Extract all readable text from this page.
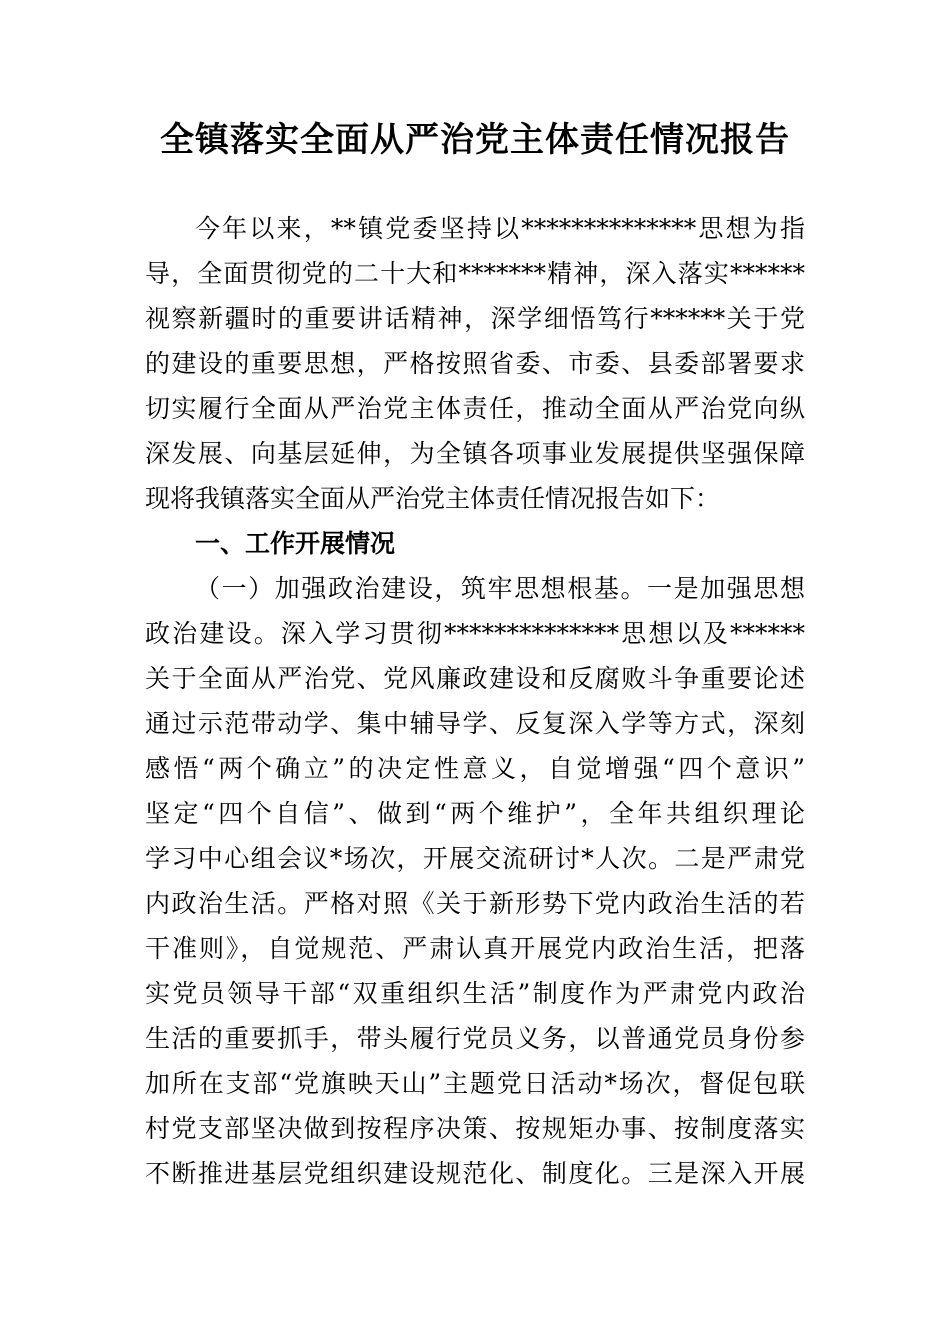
全镇落实全面从严治党主体责任情况报告
今年以来，**镇党委坚持以**************思想为指
导，全面贯彻党的二十大和*******精神，深入落实******
视察新疆时的重要讲话精神，深学细悟笃行******关于党
的建设的重要思想，严格按照省委、市委、县委部署要求
切实履行全面从严治党主体责任，推动全面从严治党向纵
深发展、向基层延伸，为全镇各项事业发展提供坚强保障
现将我镇落实全面从严治党主体责任情况报告如下：
一、工作开展情况
（一）加强政治建设，筑牢思想根基。一是加强思想
政治建设。深入学习贯彻**************思想以及******
关于全面从严治党、党风廉政建设和反腐败斗争重要论述
通过示范带动学、集中辅导学、反复深入学等方式，深刻
感悟“两个确立”的决定性意义，自觉增强“四个意识”
坚定“四个自信”、做到“两个维护”，全年共组织理论
学习中心组会议*场次，开展交流研讨*人次。二是严肃党
内政治生活。严格对照《关于新形势下党内政治生活的若
干准则》，自觉规范、严肃认真开展党内政治生活，把落
实党员领导干部“双重组织生活”制度作为严肃党内政治
生活的重要抓手，带头履行党员义务，以普通党员身份参
加所在支部“党旗映天山”主题党日活动*场次，督促包联
村党支部坚决做到按程序决策、按规矩办事、按制度落实
不断推进基层党组织建设规范化、制度化。三是深入开展
